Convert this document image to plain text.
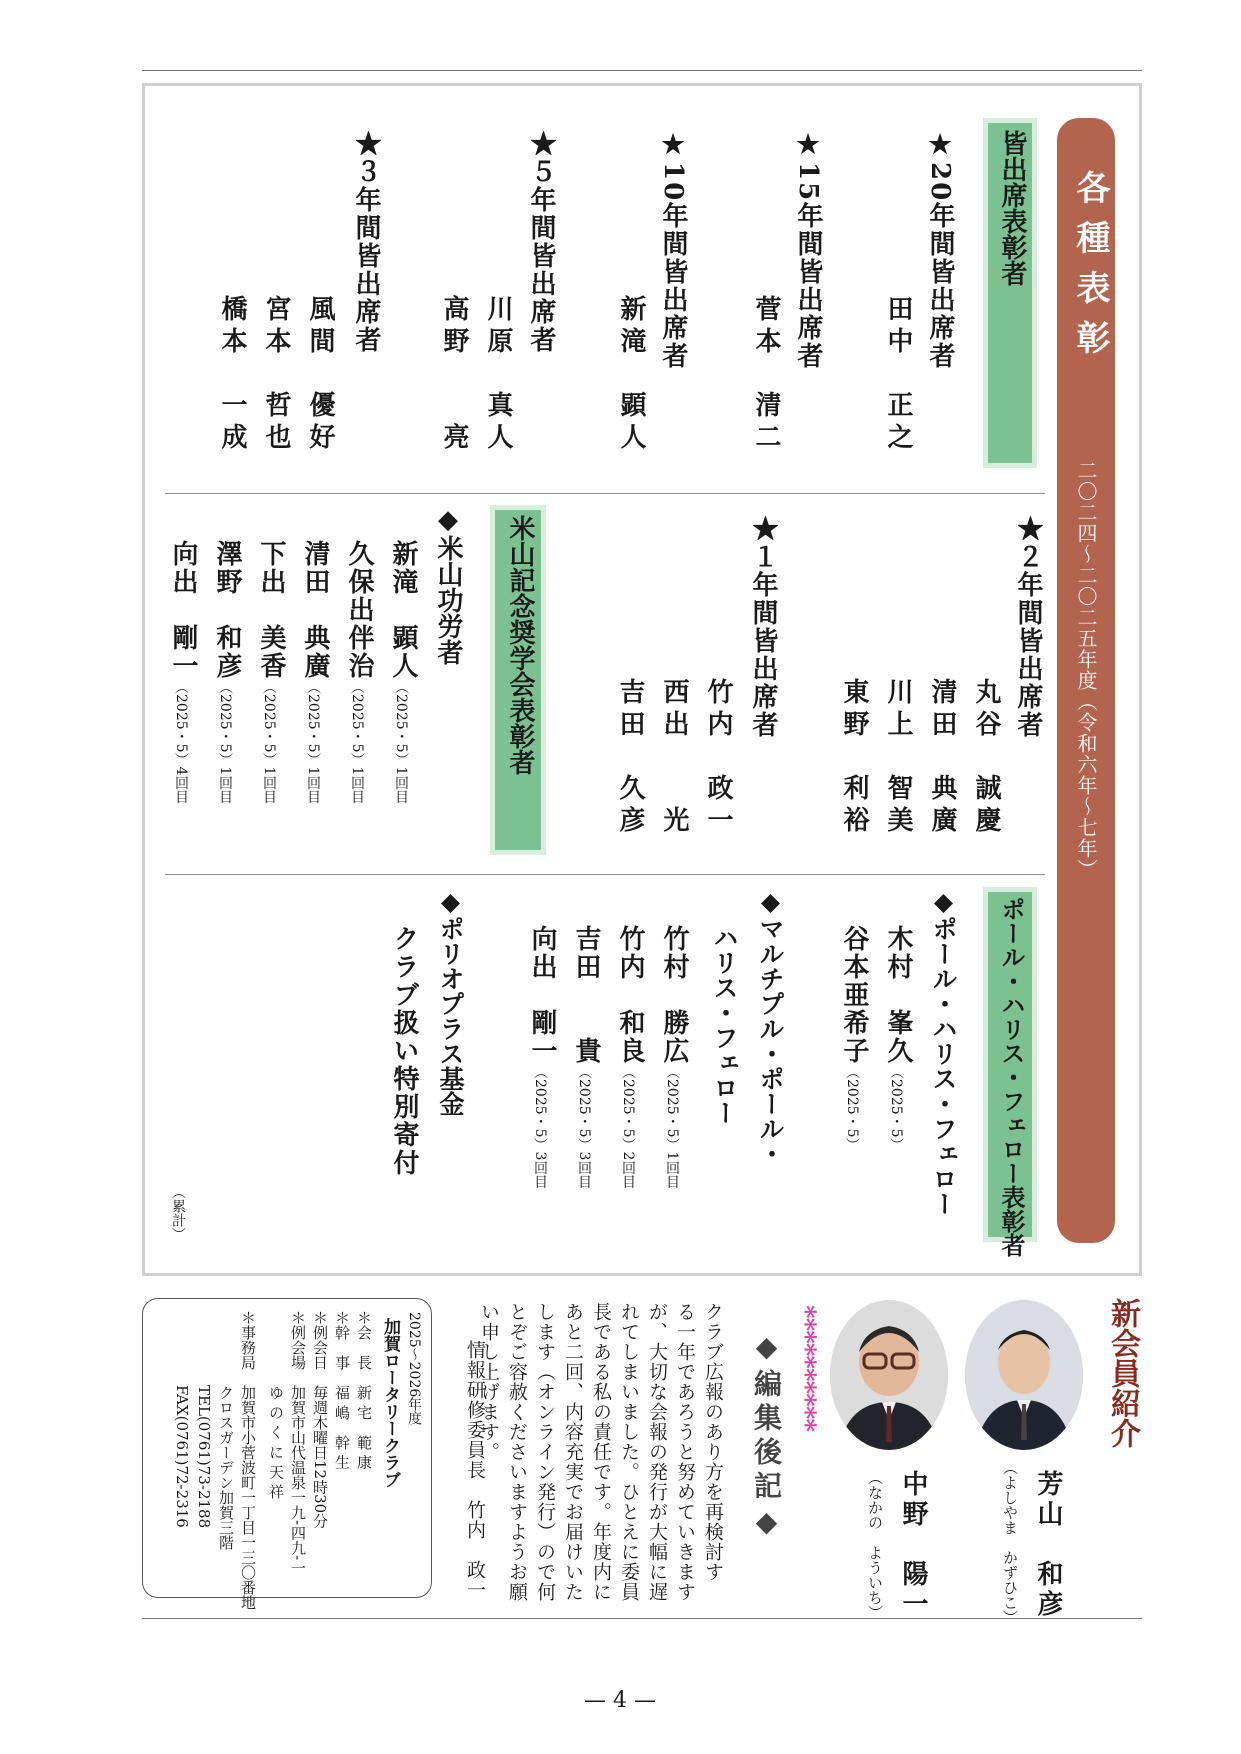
各種表彰
二〇二四～二〇二五年度（令和六年～七年）
皆出席表彰者
★20年間皆出席者
田中　正之
★15年間皆出席者
菅本　清二
★10年間皆出席者
新滝　顕人
★５年間皆出席者
川原　真人
高野　　亮
★３年間皆出席者
風間　優好
宮本　哲也
橋本　一成
★２年間皆出席者
丸谷　誠慶
清田　典廣
川上　智美
東野　利裕
★１年間皆出席者
竹内　政一
西出　　光
吉田　久彦
米山記念奨学会表彰者
◆米山功労者
新滝　顕人
（2025・5）1回目
久保出伴治
（2025・5）1回目
清田　典廣
（2025・5）1回目
下出　美香
（2025・5）1回目
澤野　和彦
（2025・5）1回目
向出　剛一
（2025・5）4回目
ポール・ハリス・フェロー表彰者
◆ポール・ハリス・フェロー
木村　峯久
（2025・5）
谷本亜希子
（2025・5）
◆マルチプル・ポール・
ハリス・フェロー
竹村　勝広
（2025・5）1回目
竹内　和良
（2025・5）2回目
吉田　　貴
（2025・5）3回目
向出　剛一
（2025・5）3回目
◆ポリオプラス基金
クラブ扱い特別寄付
（累計）
新会員紹介
芳山　和彦
（よしやま　かずひこ）
中野　陽一
（なかの　よういち）
**********
◆編集後記◆
クラブ広報のあり方を再検討す
る一年であろうと努めていきます
が、大切な会報の発行が大幅に遅
れてしまいました。ひとえに委員
長である私の責任です。年度内に
あと二回、内容充実でお届けいた
します（オンライン発行）ので何
とぞご容赦くださいますようお願
い申し上げます。
情報研修委員長　竹内　政一
2025～2026年度
加賀ロータリークラブ
＊会　長　新 宅　範 康
＊幹　事　福 嶋　幹 生
＊例会日　毎週木曜日12時30分
＊例会場　加賀市山代温泉一九-四九-一
　　　　　ゆ の く に 天 祥
＊事務局　加賀市小菅波町一丁目一三〇番地
　　　　　クロスガーデン加賀三階
　　　　　TEL(0761)73-2188
　　　　　FAX(0761)72-2316
— 4 —
